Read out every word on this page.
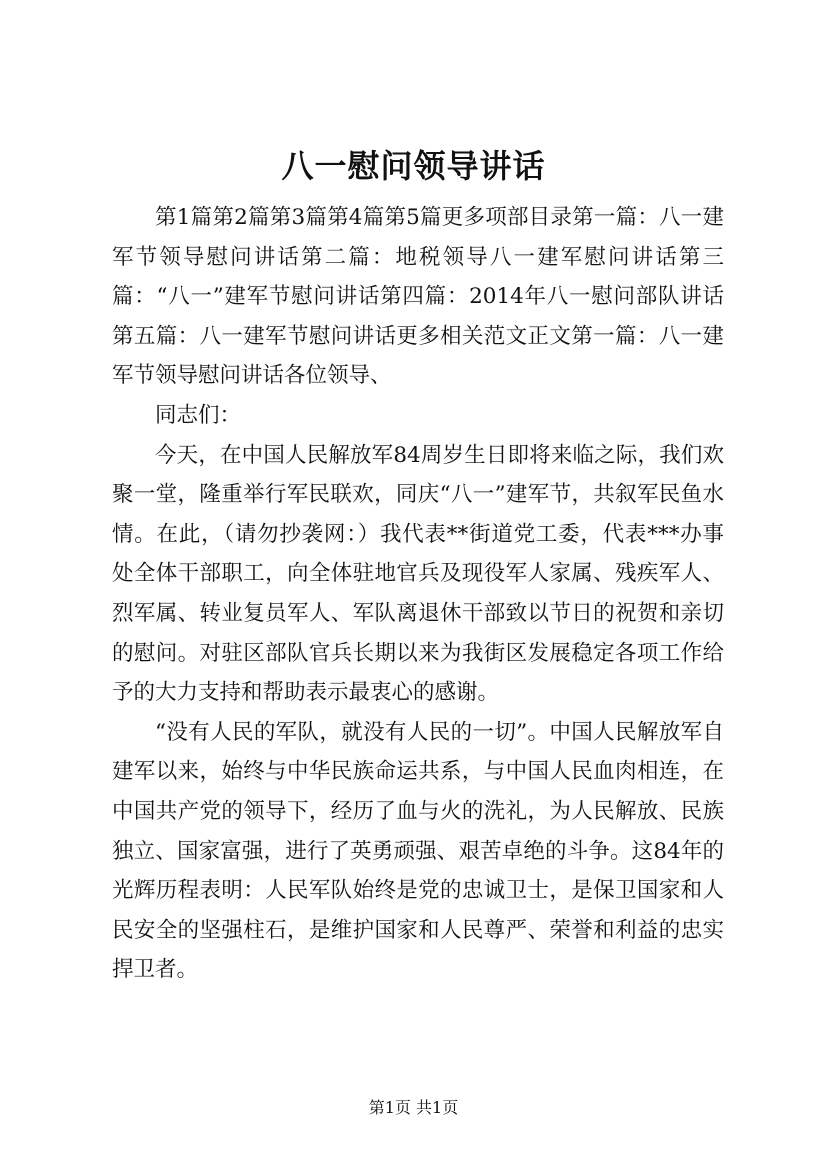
八一慰问领导讲话

第1篇第2篇第3篇第4篇第5篇更多项部目录第一篇：八一建军节领导慰问讲话第二篇：地税领导八一建军慰问讲话第三篇：“八一”建军节慰问讲话第四篇：2014年八一慰问部队讲话第五篇：八一建军节慰问讲话更多相关范文正文第一篇：八一建军节领导慰问讲话各位领导、

同志们：

今天，在中国人民解放军84周岁生日即将来临之际，我们欢聚一堂，隆重举行军民联欢，同庆“八一”建军节，共叙军民鱼水情。在此，（请勿抄袭网：）我代表**街道党工委，代表***办事处全体干部职工，向全体驻地官兵及现役军人家属、残疾军人、烈军属、转业复员军人、军队离退休干部致以节日的祝贺和亲切的慰问。对驻区部队官兵长期以来为我街区发展稳定各项工作给予的大力支持和帮助表示最衷心的感谢。

“没有人民的军队，就没有人民的一切”。中国人民解放军自建军以来，始终与中华民族命运共系，与中国人民血肉相连，在中国共产党的领导下，经历了血与火的洗礼，为人民解放、民族独立、国家富强，进行了英勇顽强、艰苦卓绝的斗争。这84年的光辉历程表明：人民军队始终是党的忠诚卫士，是保卫国家和人民安全的坚强柱石，是维护国家和人民尊严、荣誉和利益的忠实捍卫者。

第1页 共1页
